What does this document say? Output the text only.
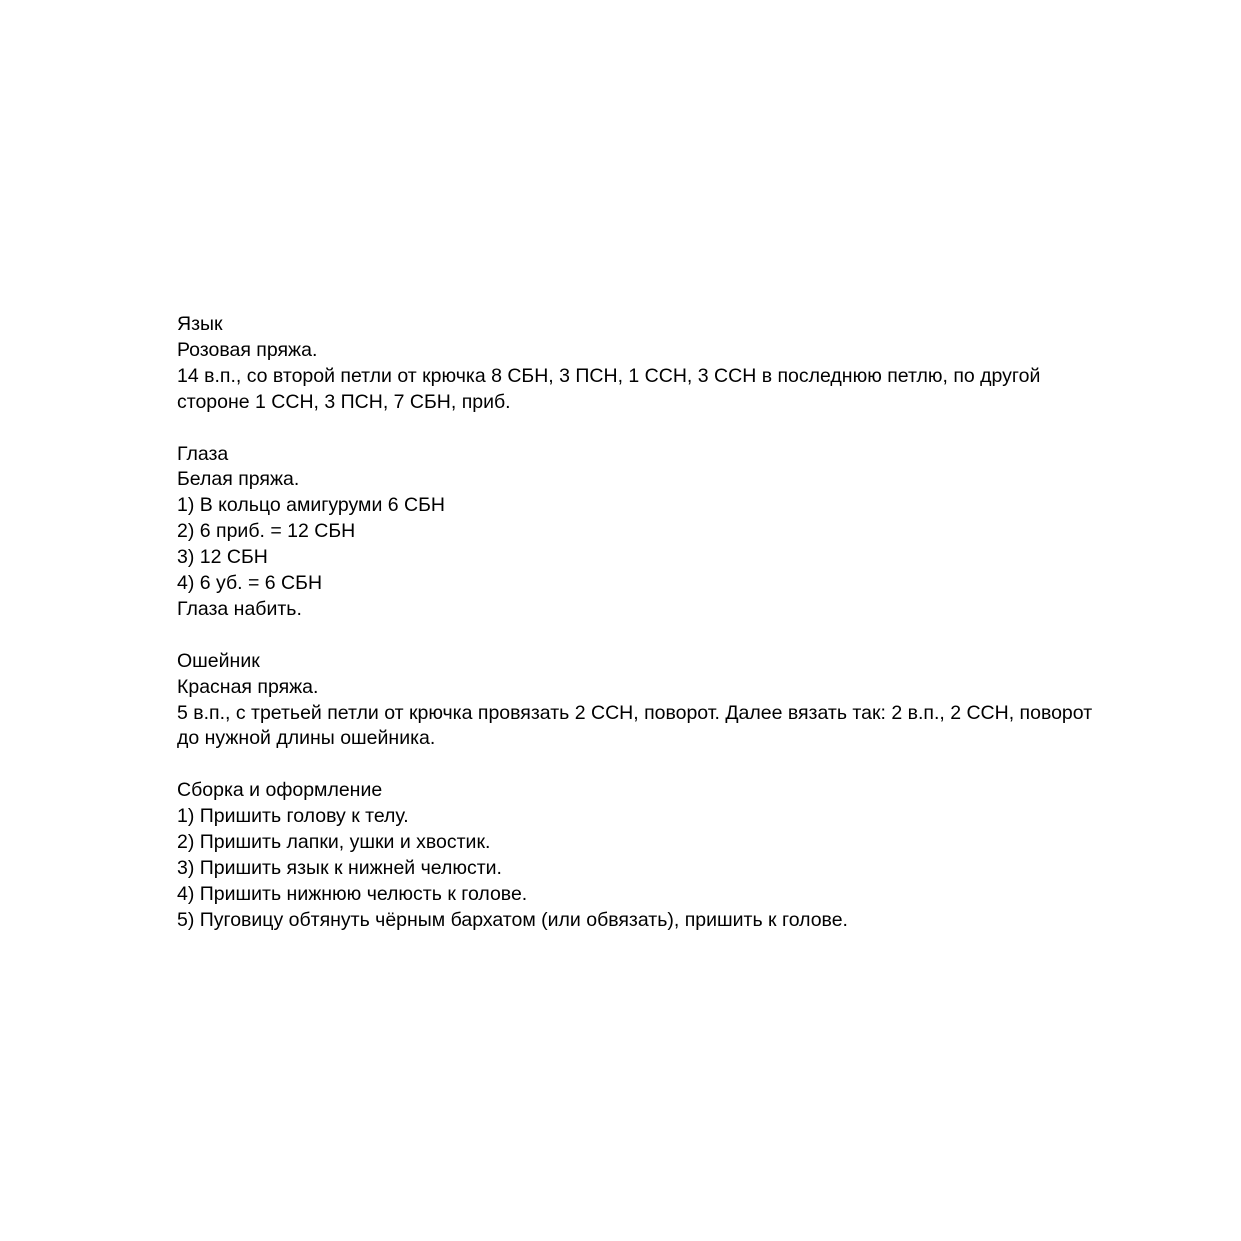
Язык

Розовая пряжа.

14 в.п., со второй петли от крючка 8 СБН, 3 ПСН, 1 ССН, 3 ССН в последнюю петлю, по другой стороне 1 ССН, 3 ПСН, 7 СБН, приб.

Глаза

Белая пряжа.

1) В кольцо амигуруми 6 СБН

2) 6 приб. = 12 СБН

3) 12 СБН

4) 6 уб. = 6 СБН

Глаза набить.

Ошейник

Красная пряжа.

5 в.п., с третьей петли от крючка провязать 2 ССН, поворот. Далее вязать так: 2 в.п., 2 ССН, поворот до нужной длины ошейника.

Сборка и оформление

1) Пришить голову к телу.

2) Пришить лапки, ушки и хвостик.

3) Пришить язык к нижней челюсти.

4) Пришить нижнюю челюсть к голове.

5) Пуговицу обтянуть чёрным бархатом (или обвязать), пришить к голове.
